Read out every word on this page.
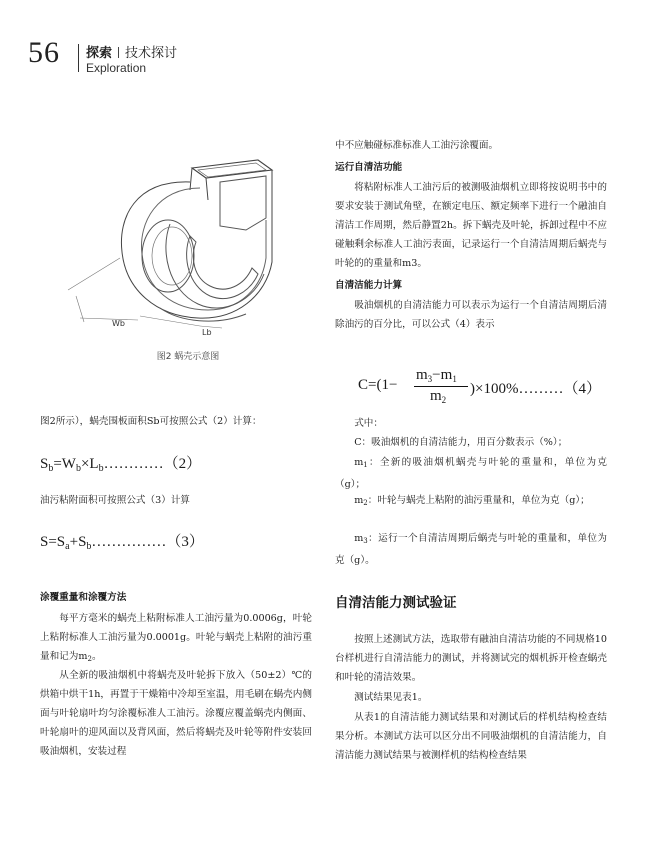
56 探索 技术探讨
Exploration
Wb
Lb
图2 蜗壳示意图
图2所示），蜗壳围板面积Sb可按照公式（2）计算：
$S_b=W_b\times L_b\dots\dots\dots\dots(2)$
油污粘附面积可按照公式（3）计算
$S=S_a+S_b\dots\dots\dots\dots\dots(3)$
涂覆重量和涂覆方法
每平方毫米的蜗壳上粘附标准人工油污量为0.0006g，叶轮上粘附标准人工油污量为0.0001g。叶轮与蜗壳上粘附的油污重量和记为$m_2$。
从全新的吸油烟机中将蜗壳及叶轮拆下放入（50±2）℃的烘箱中烘干1h，再置于干燥箱中冷却至室温，用毛刷在蜗壳内侧面与叶轮扇叶均匀涂覆标准人工油污。涂覆应覆盖蜗壳内侧面、叶轮扇叶的迎风面以及背风面，然后将蜗壳及叶轮等附件安装回吸油烟机，安装过程
中不应触碰标准标准人工油污涂覆面。
运行自清洁功能
将粘附标准人工油污后的被测吸油烟机立即将按说明书中的要求安装于测试角壁，在额定电压、额定频率下进行一个融油自清洁工作周期，然后静置2h。拆下蜗壳及叶轮，拆卸过程中不应碰触剩余标准人工油污表面，记录运行一个自清洁周期后蜗壳与叶轮的的重量和m3。
自清洁能力计算
吸油烟机的自清洁能力可以表示为运行一个自清洁周期后清除油污的百分比，可以公式（4）表示
C=(1−
$m_3-m_1$
$m_2$
)×100%………（4）
式中：
C：吸油烟机的自清洁能力，用百分数表示（%）；
$m_1$：全新的吸油烟机蜗壳与叶轮的重量和，单位为克（g）；
$m_2$：叶轮与蜗壳上粘附的油污重量和，单位为克（g）；
$m_3$：运行一个自清洁周期后蜗壳与叶轮的重量和，单位为克（g）。
自清洁能力测试验证
按照上述测试方法，选取带有融油自清洁功能的不同规格10台样机进行自清洁能力的测试，并将测试完的烟机拆开检查蜗壳和叶轮的清洁效果。
测试结果见表1。
从表1的自清洁能力测试结果和对测试后的样机结构检查结果分析。本测试方法可以区分出不同吸油烟机的自清洁能力，自清洁能力测试结果与被测样机的结构检查结果
